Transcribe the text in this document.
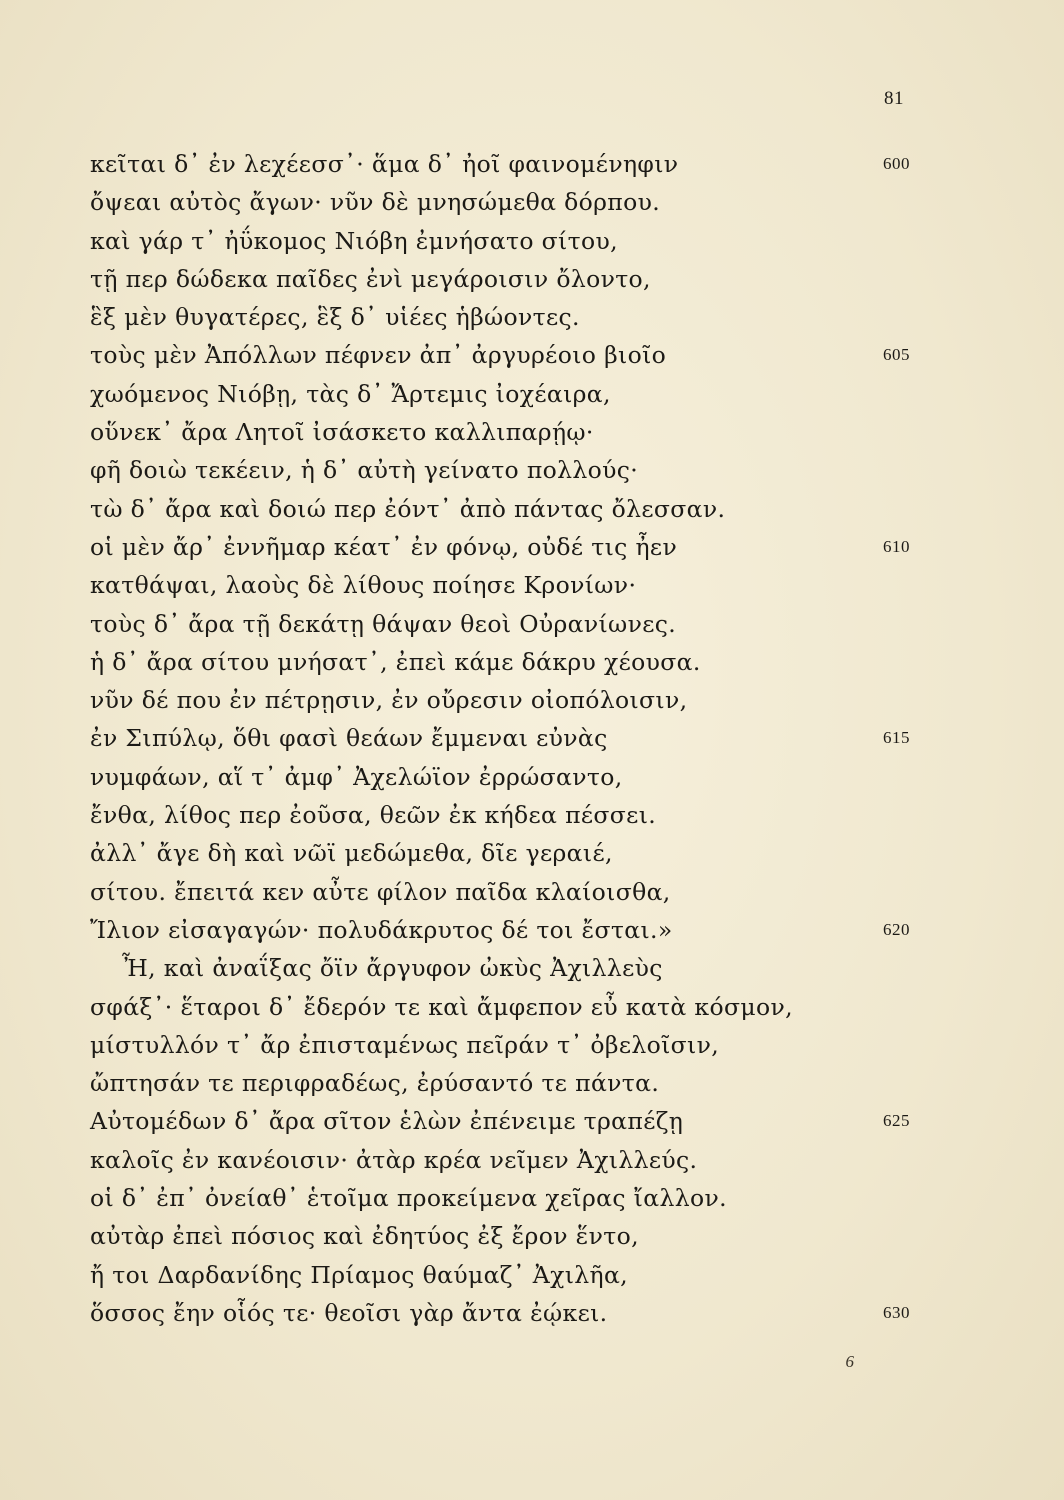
81
κεῖται δ᾽ ἐν λεχέεσσ᾽· ἅμα δ᾽ ἠοῖ φαινομένηφιν	600
ὄψεαι αὐτὸς ἄγων· νῦν δὲ μνησώμεθα δόρπου.
καὶ γάρ τ᾽ ἠΰκομος Νιόβη ἐμνήσατο σίτου,
τῇ περ δώδεκα παῖδες ἐνὶ μεγάροισιν ὄλοντο,
ἓξ μὲν θυγατέρες, ἓξ δ᾽ υἱέες ἡβώοντες.
τοὺς μὲν Ἀπόλλων πέφνεν ἀπ᾽ ἀργυρέοιο βιοῖο	605
χωόμενος Νιόβῃ, τὰς δ᾽ Ἄρτεμις ἰοχέαιρα,
οὕνεκ᾽ ἄρα Λητοῖ ἰσάσκετο καλλιπαρῄῳ·
φῆ δοιὼ τεκέειν, ἡ δ᾽ αὐτὴ γείνατο πολλούς·
τὼ δ᾽ ἄρα καὶ δοιώ περ ἐόντ᾽ ἀπὸ πάντας ὄλεσσαν.
οἱ μὲν ἄρ᾽ ἐννῆμαρ κέατ᾽ ἐν φόνῳ, οὐδέ τις ἦεν	610
κατθάψαι, λαοὺς δὲ λίθους ποίησε Κρονίων·
τοὺς δ᾽ ἄρα τῇ δεκάτῃ θάψαν θεοὶ Οὐρανίωνες.
ἡ δ᾽ ἄρα σίτου μνήσατ᾽, ἐπεὶ κάμε δάκρυ χέουσα.
νῦν δέ που ἐν πέτρῃσιν, ἐν οὔρεσιν οἰοπόλοισιν,
ἐν Σιπύλῳ, ὅθι φασὶ θεάων ἔμμεναι εὐνὰς	615
νυμφάων, αἵ τ᾽ ἀμφ᾽ Ἀχελώϊον ἐρρώσαντο,
ἔνθα, λίθος περ ἐοῦσα, θεῶν ἐκ κήδεα πέσσει.
ἀλλ᾽ ἄγε δὴ καὶ νῶϊ μεδώμεθα, δῖε γεραιέ,
σίτου. ἔπειτά κεν αὖτε φίλον παῖδα κλαίοισθα,
Ἴλιον εἰσαγαγών· πολυδάκρυτος δέ τοι ἔσται.»	620
Ἦ, καὶ ἀναΐξας ὄϊν ἄργυφον ὠκὺς Ἀχιλλεὺς
σφάξ᾽· ἕταροι δ᾽ ἔδερόν τε καὶ ἄμφεπον εὖ κατὰ κόσμον,
μίστυλλόν τ᾽ ἄρ ἐπισταμένως πεῖράν τ᾽ ὀβελοῖσιν,
ὤπτησάν τε περιφραδέως, ἐρύσαντό τε πάντα.
Αὐτομέδων δ᾽ ἄρα σῖτον ἑλὼν ἐπένειμε τραπέζῃ	625
καλοῖς ἐν κανέοισιν· ἀτὰρ κρέα νεῖμεν Ἀχιλλεύς.
οἱ δ᾽ ἐπ᾽ ὀνείαθ᾽ ἑτοῖμα προκείμενα χεῖρας ἴαλλον.
αὐτὰρ ἐπεὶ πόσιος καὶ ἐδητύος ἐξ ἔρον ἕντο,
ἤ τοι Δαρδανίδης Πρίαμος θαύμαζ᾽ Ἀχιλῆα,
ὅσσος ἔην οἷός τε· θεοῖσι γὰρ ἄντα ἐῴκει.	630
6
